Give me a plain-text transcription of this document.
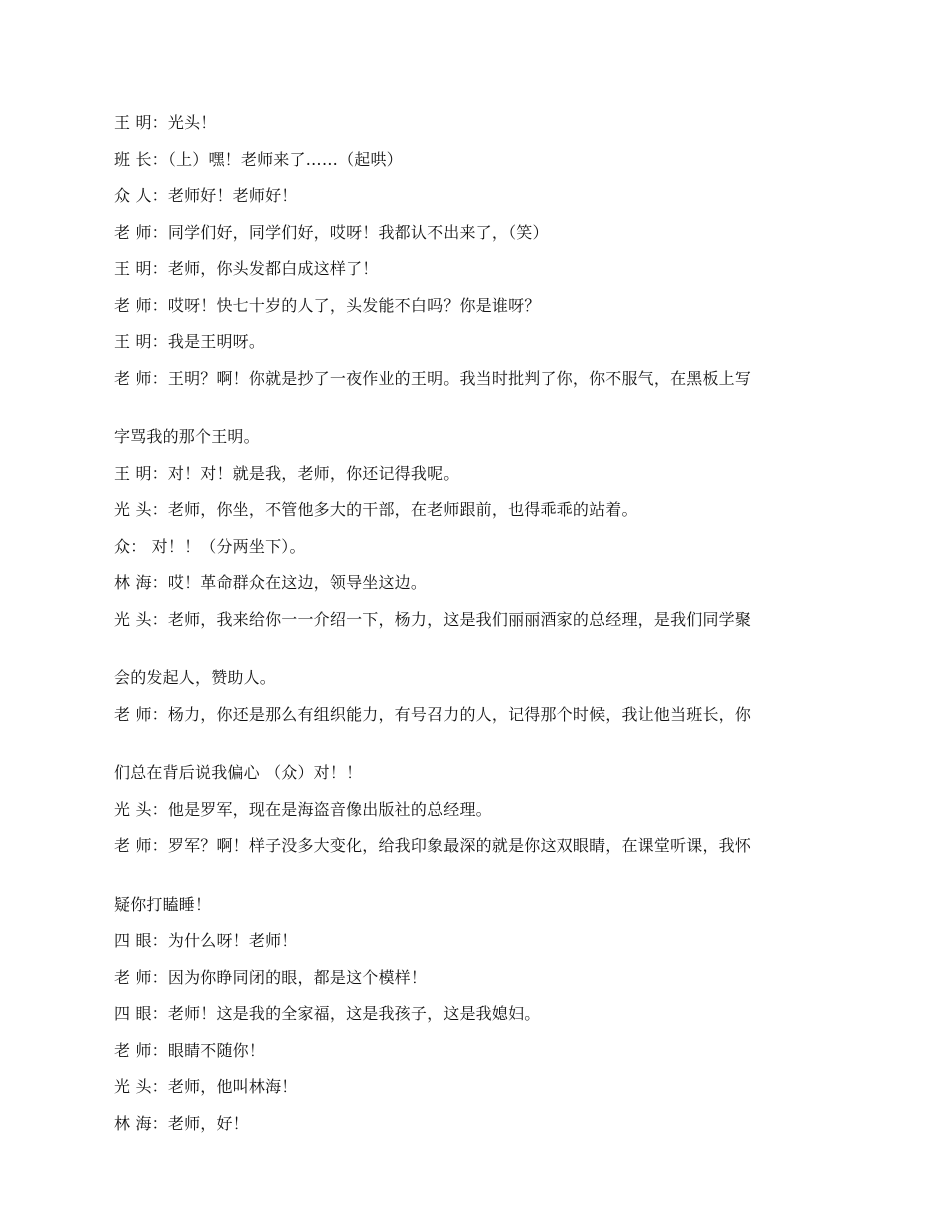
王 明：光头！
班 长：（上）嘿！老师来了……（起哄）
众 人：老师好！老师好！
老 师：同学们好，同学们好，哎呀！我都认不出来了，（笑）
王 明：老师，你头发都白成这样了！
老 师：哎呀！快七十岁的人了，头发能不白吗？你是谁呀？
王 明：我是王明呀。
老 师：王明？啊！你就是抄了一夜作业的王明。我当时批判了你，你不服气，在黑板上写
字骂我的那个王明。
王 明：对！对！就是我，老师，你还记得我呢。
光 头：老师，你坐，不管他多大的干部，在老师跟前，也得乖乖的站着。
众： 对！！（分两坐下）。
林 海：哎！革命群众在这边，领导坐这边。
光 头：老师，我来给你一一介绍一下，杨力，这是我们丽丽酒家的总经理，是我们同学聚
会的发起人，赞助人。
老 师：杨力，你还是那么有组织能力，有号召力的人，记得那个时候，我让他当班长，你
们总在背后说我偏心 （众）对！！
光 头：他是罗军，现在是海盗音像出版社的总经理。
老 师：罗军？啊！样子没多大变化，给我印象最深的就是你这双眼睛，在课堂听课，我怀
疑你打瞌睡！
四 眼：为什么呀！老师！
老 师：因为你睁同闭的眼，都是这个模样！
四 眼：老师！这是我的全家福，这是我孩子，这是我媳妇。
老 师：眼睛不随你！
光 头：老师，他叫林海！
林 海：老师，好！
